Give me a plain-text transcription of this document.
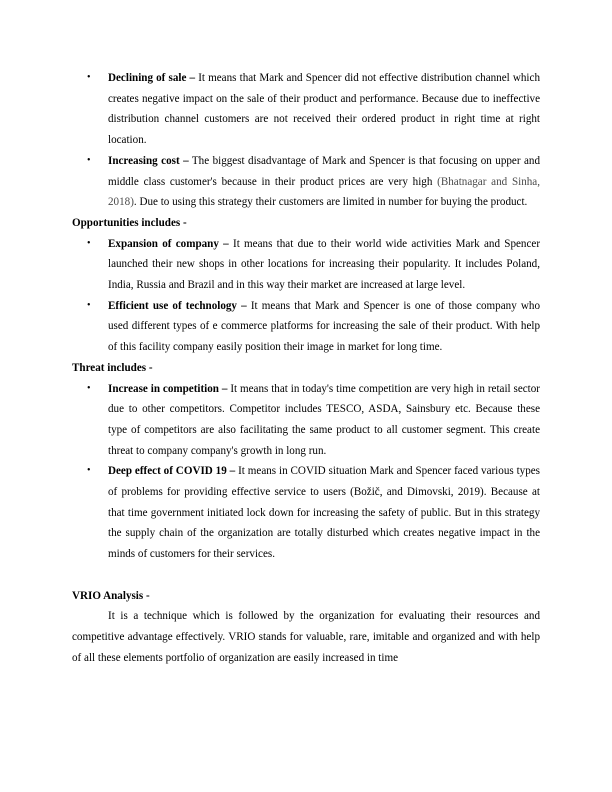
• Declining of sale – It means that Mark and Spencer did not effective distribution channel which creates negative impact on the sale of their product and performance. Because due to ineffective distribution channel customers are not received their ordered product in right time at right location.
• Increasing cost – The biggest disadvantage of Mark and Spencer is that focusing on upper and middle class customer's because in their product prices are very high (Bhatnagar and Sinha, 2018). Due to using this strategy their customers are limited in number for buying the product.
Opportunities includes -
• Expansion of company – It means that due to their world wide activities Mark and Spencer launched their new shops in other locations for increasing their popularity. It includes Poland, India, Russia and Brazil and in this way their market are increased at large level.
• Efficient use of technology – It means that Mark and Spencer is one of those company who used different types of e commerce platforms for increasing the sale of their product. With help of this facility company easily position their image in market for long time.
Threat includes -
• Increase in competition – It means that in today's time competition are very high in retail sector due to other competitors. Competitor includes TESCO, ASDA, Sainsbury etc. Because these type of competitors are also facilitating the same product to all customer segment. This create threat to company company's growth in long run.
• Deep effect of COVID 19 – It means in COVID situation Mark and Spencer faced various types of problems for providing effective service to users (Božič, and Dimovski, 2019). Because at that time government initiated lock down for increasing the safety of public. But in this strategy the supply chain of the organization are totally disturbed which creates negative impact in the minds of customers for their services.
VRIO Analysis -
It is a technique which is followed by the organization for evaluating their resources and competitive advantage effectively. VRIO stands for valuable, rare, imitable and organized and with help of all these elements portfolio of organization are easily increased in time
